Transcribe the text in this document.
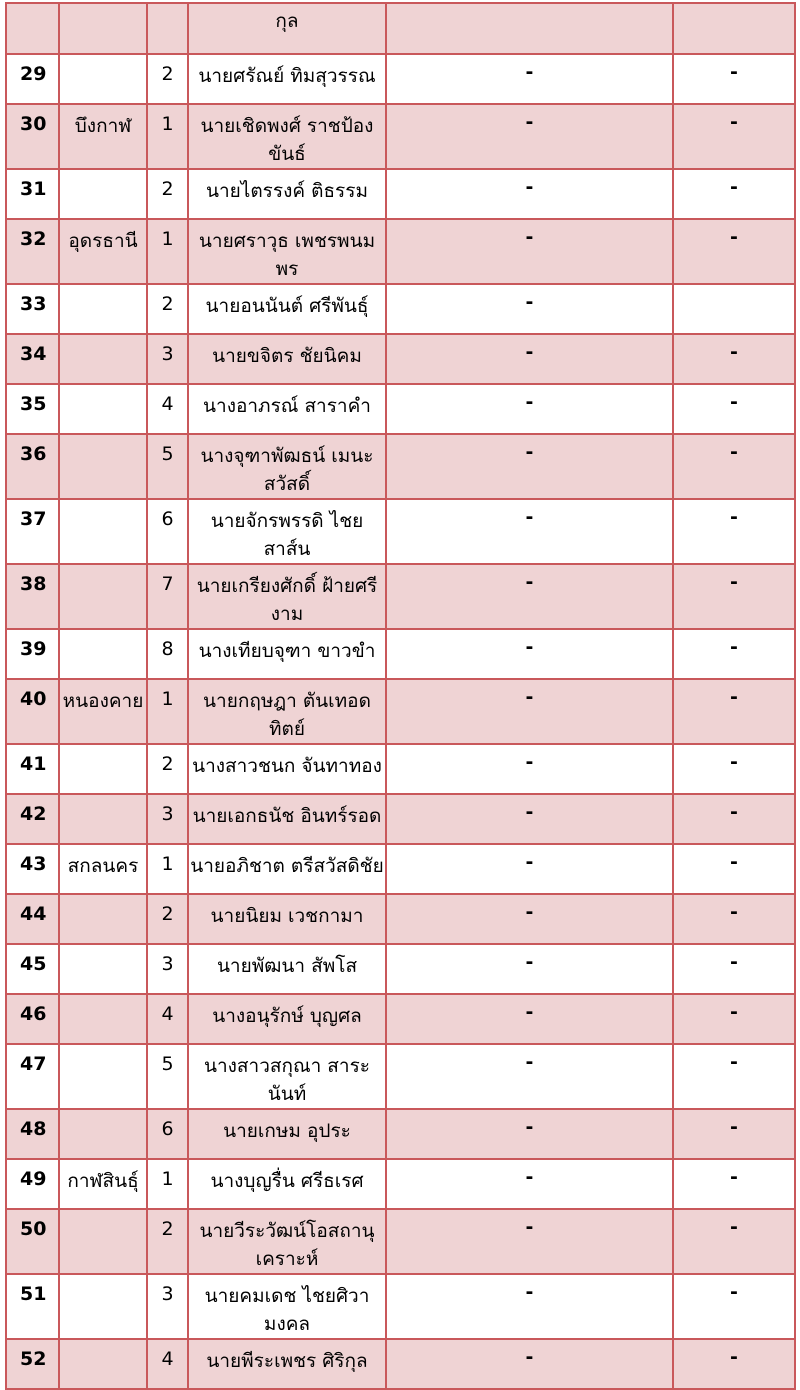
			กุล		
29		2	นายศรัณย์ ทิมสุวรรณ	-	-
30	บึงกาฬ	1	นายเชิดพงศ์ ราชป้อง ขันธ์	-	-
31		2	นายไตรรงค์ ติธรรม	-	-
32	อุดรธานี	1	นายศราวุธ เพชรพนม พร	-	-
33		2	นายอนนันต์ ศรีพันธุ์	-	
34		3	นายขจิตร ชัยนิคม	-	-
35		4	นางอาภรณ์ สาราคำ	-	-
36		5	นางจุฑาพัฒธน์ เมนะ สวัสดิ์	-	-
37		6	นายจักรพรรดิ ไชย สาส์น	-	-
38		7	นายเกรียงศักดิ์ ฝ้ายศรี งาม	-	-
39		8	นางเทียบจุฑา ขาวขำ	-	-
40	หนองคาย	1	นายกฤษฎา ตันเทอด ทิตย์	-	-
41		2	นางสาวชนก จันทาทอง	-	-
42		3	นายเอกธนัช อินทร์รอด	-	-
43	สกลนคร	1	นายอภิชาต ตรีสวัสดิชัย	-	-
44		2	นายนิยม เวชกามา	-	-
45		3	นายพัฒนา สัพโส	-	-
46		4	นางอนุรักษ์ บุญศล	-	-
47		5	นางสาวสกุณา สาระ นันท์	-	-
48		6	นายเกษม อุประ	-	-
49	กาฬสินธุ์	1	นางบุญรื่น ศรีธเรศ	-	-
50		2	นายวีระวัฒน์โอสถานุ เคราะห์	-	-
51		3	นายคมเดช ไชยศิวา มงคล	-	-
52		4	นายพีระเพชร ศิริกุล	-	-
